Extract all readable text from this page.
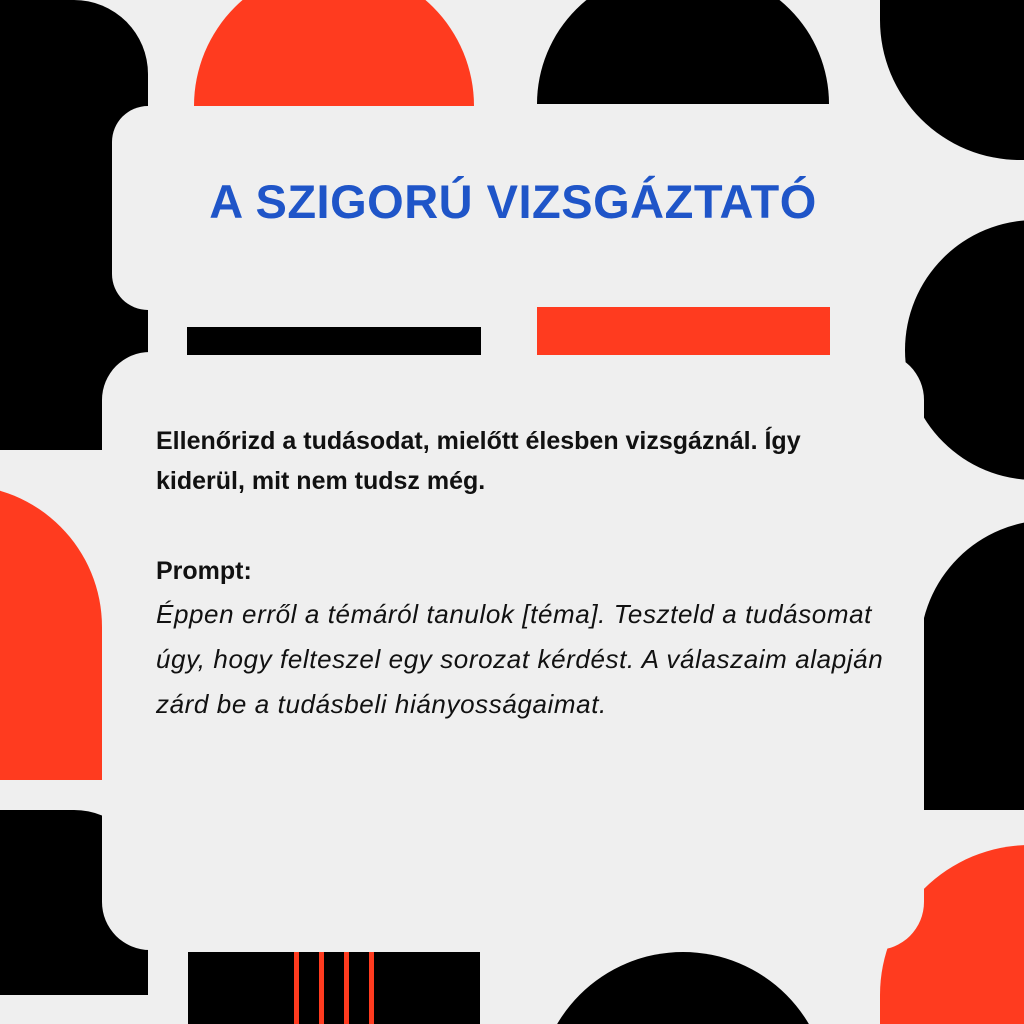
A SZIGORÚ VIZSGÁZTATÓ

Ellenőrizd a tudásodat, mielőtt élesben vizsgáznál. Így kiderül, mit nem tudsz még.

Prompt:

Éppen erről a témáról tanulok [téma]. Teszteld a tudásomat úgy, hogy felteszel egy sorozat kérdést. A válaszaim alapján zárd be a tudásbeli hiányosságaimat.
